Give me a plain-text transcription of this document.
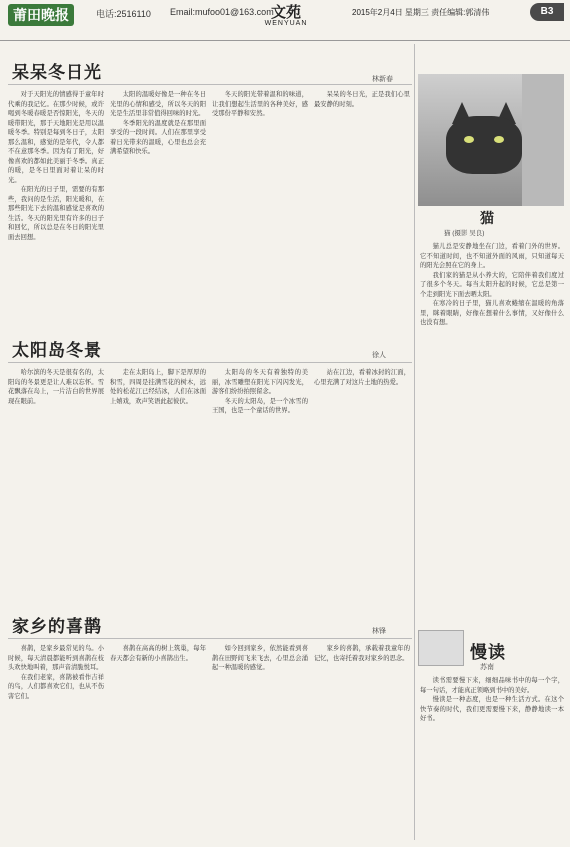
莆田晚报	电话:2516110 Email:mufoo01@163.com
文苑
WENYUAN
2015年2月4日 星期三 责任编辑:郭清伟	B3
呆呆冬日光	林新春

对于天阳光的情感得于童年时代乘的我记忆。在那少时候，或许喝到冬暖春暖是否惊阳光，冬天的暖带阳光，那于天地阳光是用以温暖冬季。特别是每到冬日子，太阳那么温和，感觉的是年代，令人都不在意那冬季。因为有了阳光，好像喜欢的都如此美丽于冬季。真正的暖，是冬日里面对着让呆的时光。

在阳光的日子里，需要的有那些，我问的是生活，阳光暖和，在那些阳光下去的温和感觉是喜欢的生活。冬天的阳光里有许多的日子和回忆，所以总是在冬日的阳光里面去回想。

太阳的温暖好像是一种在冬日光里的心情和感受，所以冬天的阳光是生活里非常值得回味的时光。

冬季阳光的温度就是在那里面享受的一段时间。人们在那里享受着日光带来的温暖，心里也总会充满希望和快乐。

冬天的阳光带着温和的味道，让我们想起生活里的各种美好，感受那份平静和安然。

呆呆的冬日光，正是我们心里最安静的时刻。

猫
猫 (摄影 吴良)

猫儿总是安静地坐在门边，看着门外的世界。它不知道时间，也不知道外面的风雨，只知道每天的阳光会照在它的身上。

我们家的猫是从小养大的，它陪伴着我们度过了很多个冬天。每当太阳升起的时候，它总是第一个走到阳光下面去晒太阳。

在寒冷的日子里，猫儿喜欢蜷缩在温暖的角落里，眯着眼睛，好像在想着什么事情，又好像什么也没有想。

太阳岛冬景	徐人

哈尔滨的冬天是很有名的，太阳岛的冬景更是让人难以忘怀。雪花飘落在岛上，一片洁白的世界展现在眼前。

走在太阳岛上，脚下是厚厚的积雪，四周是挂满雪花的树木，远处的松花江已经结冰，人们在冰面上嬉戏，欢声笑语此起彼伏。

太阳岛的冬天有着独特的美丽，冰雪雕塑在阳光下闪闪发光，游客们纷纷拍照留念。

冬天的太阳岛，是一个冰雪的王国，也是一个童话的世界。

站在江边，看着冰封的江面，心里充满了对这片土地的热爱。

慢读
苏南

读书需要慢下来，细细品味书中的每一个字，每一句话，才能真正领略到书中的美好。

慢读是一种态度，也是一种生活方式。在这个快节奏的时代，我们更需要慢下来，静静地读一本好书。

家乡的喜鹊	林锋

喜鹊，是家乡最常见的鸟。小时候，每天清晨都能听到喜鹊在枝头欢快地叫着，那声音清脆悦耳。

在我们老家，喜鹊被看作吉祥的鸟，人们都喜欢它们，也从不伤害它们。

喜鹊在高高的树上筑巢，每年春天都会有新的小喜鹊出生。

如今回到家乡，依然能看到喜鹊在田野间飞来飞去，心里总会涌起一种温暖的感觉。

家乡的喜鹊，承载着我童年的记忆，也寄托着我对家乡的思念。
